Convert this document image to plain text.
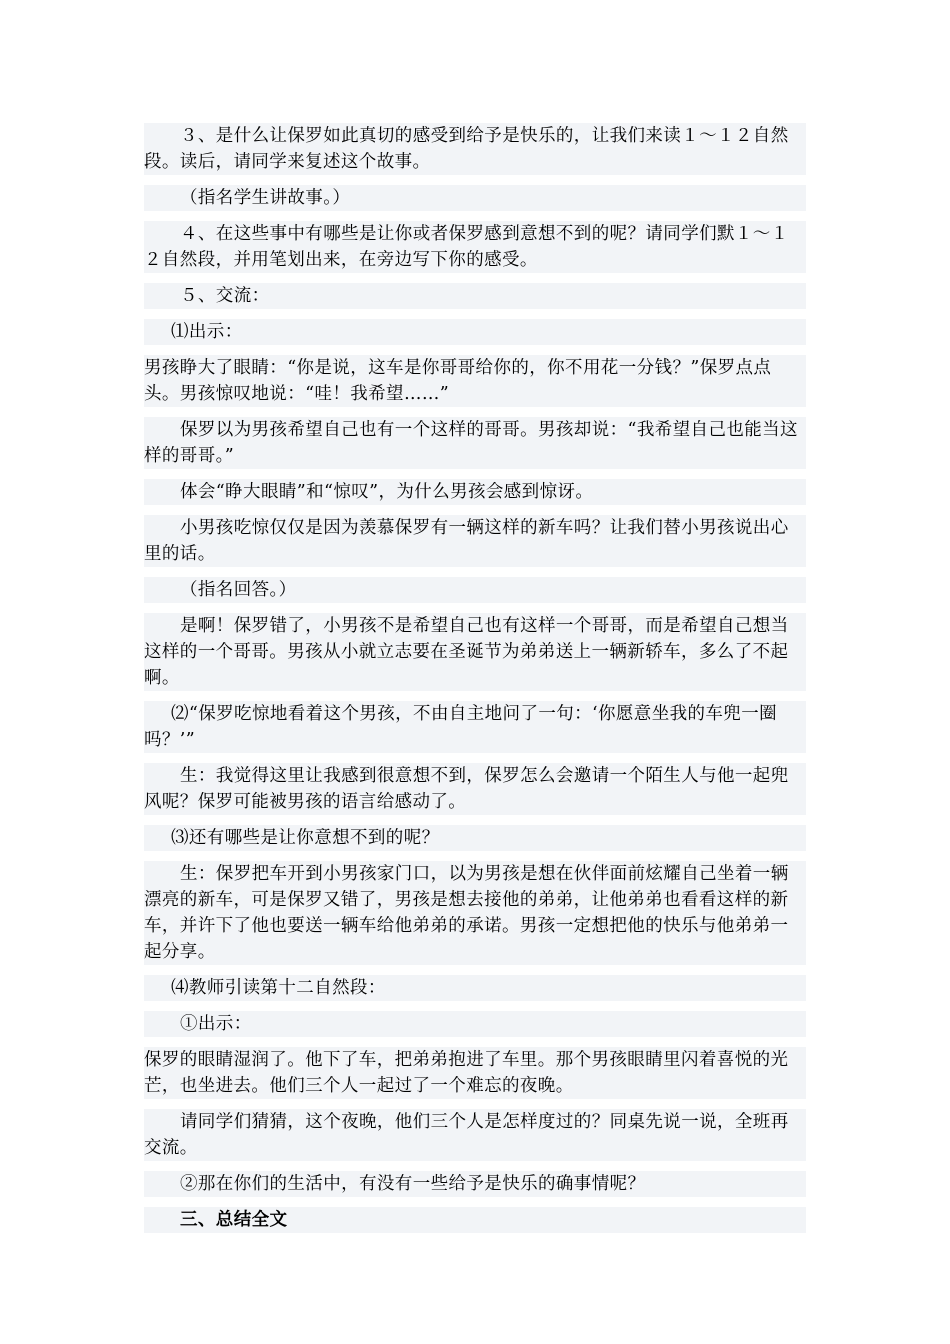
３、是什么让保罗如此真切的感受到给予是快乐的，让我们来读１～１２自然段。读后，请同学来复述这个故事。

（指名学生讲故事。）

４、在这些事中有哪些是让你或者保罗感到意想不到的呢？请同学们默１～１２自然段，并用笔划出来，在旁边写下你的感受。

５、交流：

⑴出示：

男孩睁大了眼睛：“你是说，这车是你哥哥给你的，你不用花一分钱？”保罗点点头。男孩惊叹地说：“哇！我希望……”

保罗以为男孩希望自己也有一个这样的哥哥。男孩却说：“我希望自己也能当这样的哥哥。”

体会“睁大眼睛”和“惊叹”，为什么男孩会感到惊讶。

小男孩吃惊仅仅是因为羡慕保罗有一辆这样的新车吗？让我们替小男孩说出心里的话。

（指名回答。）

是啊！保罗错了，小男孩不是希望自己也有这样一个哥哥，而是希望自己想当这样的一个哥哥。男孩从小就立志要在圣诞节为弟弟送上一辆新轿车，多么了不起啊。

⑵“保罗吃惊地看着这个男孩，不由自主地问了一句：‘你愿意坐我的车兜一圈吗？’”

生：我觉得这里让我感到很意想不到，保罗怎么会邀请一个陌生人与他一起兜风呢？保罗可能被男孩的语言给感动了。

⑶还有哪些是让你意想不到的呢？

生：保罗把车开到小男孩家门口，以为男孩是想在伙伴面前炫耀自己坐着一辆漂亮的新车，可是保罗又错了，男孩是想去接他的弟弟，让他弟弟也看看这样的新车，并许下了他也要送一辆车给他弟弟的承诺。男孩一定想把他的快乐与他弟弟一起分享。

⑷教师引读第十二自然段：

①出示：

保罗的眼睛湿润了。他下了车，把弟弟抱进了车里。那个男孩眼睛里闪着喜悦的光芒，也坐进去。他们三个人一起过了一个难忘的夜晚。

请同学们猜猜，这个夜晚，他们三个人是怎样度过的？同桌先说一说，全班再交流。

②那在你们的生活中，有没有一些给予是快乐的确事情呢？

三、总结全文
